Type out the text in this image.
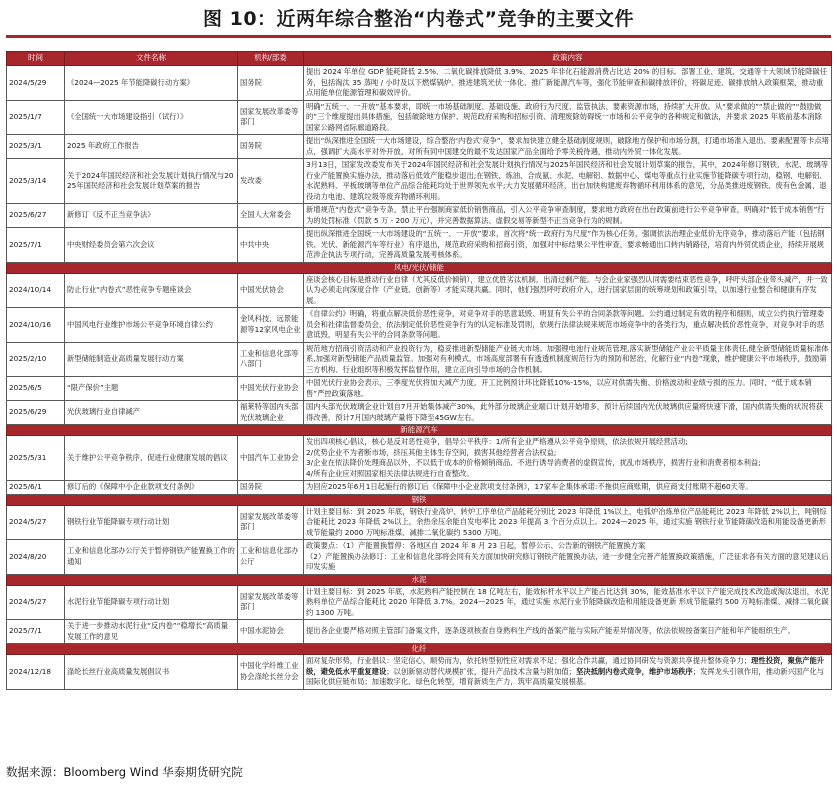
图 10：近两年综合整治“内卷式”竞争的主要文件
时间	文件名称	机构/部委	政策内容
2024/5/29	《2024—2025 年节能降碳行动方案》	国务院	提出 2024 年单位 GDP 能耗降低 2.5%、二氧化碳排放降低 3.9%、2025 年非化石能源消费占比达 20% 的目标。部署工业、建筑、交通等十大领域节能降碳任务，包括淘汰 35 蒸吨 / 小时及以下燃煤锅炉、推进建筑光伏一体化、推广新能源汽车等，强化节能审查和碳排放评价，将碳足迹、碳排放纳入政策框架，推动重点用能单位能源管理和碳效评价。
2025/1/7	《全国统一大市场建设指引（试行）》	国家发展改革委等部门	明确“五统一、一开放”基本要求，即统一市场基础制度、基础设施、政府行为尺度、监管执法、要素资源市场，持续扩大开放。从“要求做的”“禁止做的”“鼓励做的”三个维度提出具体措施，包括破除地方保护、规范政府采购和招标引资、清理废除妨碍统一市场和公平竞争的各种规定和做法，并要求 2025 年底前基本消除国家公路网省际廊道路段。
2025/3/1	2025 年政府工作报告	国务院	提出“纵深推进全国统一大市场建设，综合整治‘内卷式’竞争”，要求加快建立健全基础制度规则，破除地方保护和市场分割，打通市场准入退出、要素配置等卡点堵点，强调扩大高水平对外开放，对所有同中国建交的最不发达国家产品全面给予零关税待遇，推动内外贸一体化发展。
2025/3/14	关于2024年国民经济和社会发展计划执行情况与2025年国民经济和社会发展计划草案的报告	发改委	3月13日，国家发改委发布关于2024年国民经济和社会发展计划执行情况与2025年国民经济和社会发展计划草案的报告，其中，2024年修订钢铁、水泥、玻璃等行业产能置换实施办法，推动落后低效产能稳步退出;在钢铁、炼油、合成氨、水泥、电解铝、数据中心、煤电等重点行业实施节能降碳专项行动，稳钢、电解铝、水泥熟料、平板玻璃等单位产品综合能耗均处于世界领先水平;大力发展循环经济，出台加快构建废弃物循环利用体系的意见，分品类推进废钢铁、废有色金属、退役动力电池、建筑垃圾等废弃物循环利用。
2025/6/27	新修订《反不正当竞争法》	全国人大常委会	新增规范“内卷式”竞争专条，禁止平台强制商家低价销售商品，引入公平竞争审查制度，要求地方政府在出台政策前进行公平竞争审查，明确对“低于成本销售”行为的处罚标准（罚款 5 万 - 200 万元），并完善数据算法、虚假交易等新型不正当竞争行为的规制。
2025/7/1	中央财经委员会第六次会议	中共中央	提出纵深推进全国统一大市场建设的“五统一、一开放”要求，首次将“统一政府行为尺度”作为核心任务，强调依法治理企业低价无序竞争，推动落后产能（包括钢铁、光伏、新能源汽车等行业）有序退出，规范政府采购和招商引资，加强对中标结果公平性审查，要求畅通出口转内销路径，培育内外贸优质企业，持续开展规范涉企执法专项行动，完善高质量发展考核体系。
风电/光伏/储能			
2024/10/14	防止行业“内卷式”恶性竞争专题座谈会	中国光伏协会	座谈会核心目标是推动行业自律（尤其反低价倾销），建立优胜劣汰机制，出清过剩产能。与会企业家强烈认同需要结束恶性竞争，呼吁头部企业带头减产，并一致认为必须走向深度合作（产业链、创新等）才能实现共赢。同时，他们强烈呼吁政府介入，进行国家层面的统筹规划和政策引导，以加速行业整合和健康有序发展。
2024/10/16	中国风电行业维护市场公平竞争环境自律公约	金风科技、远景能源等12家风电企业	《自律公约》明确，将重点解决低价恶性竞争，对竞争对手的恶意诋毁、明显有失公平的合同条款等问题。公约通过制定有效的程序和细则，成立公约执行管理委员会和社律监督委员会，依法制定低价恶性竞争行为的认定标准及罚则，依规行法律法规来规范市场竞争中的各类行为，重点解决低价恶性竞争，对竞争对手的恶意诋毁，明显有失公平的合同条款等问题。
2025/2/10	新型储能制造业高质量发展行动方案	工业和信息化部等八部门	规范地方招商引资活动和产业投资行为，稳妥推进新型储能产业链大市场。加强锂电池行业规范管理,落实新型储能产业公平质量主体责任,健全新型储能质量标准体系,加强对新型储能产品质量监管。加强对有利模式，市场高度部署有有透透机制度规范行为的预防和惩治，化解行业“内卷”现象，维护健康公平市场秩序，鼓励第三方机构、行业组织等积极发挥监督作用，建立正向引导市场的合作机制。
2025/6/5	“限产保价”主题	中国光伏行业协会	中国光伏行业协会表示，三季度光伏将加大减产力度，开工比例预计环比降低10%-15%，以应对供需失衡、价格波动和业绩亏损的压力。同时，“低于成本销售”严控政策落地。
2025/6/29	光伏玻璃行业自律减产	福莱特等国内头部光伏玻璃企业	国内头部光伏玻璃企业计划自7月开始集体减产30%，此外部分玻璃企业端口计划开始增多，预计后续国内光伏玻璃供应量将快速下滑，国内供需失衡的状况将获得改善，预计7月国内玻璃产量将下降至45GW左右。
新能源汽车			
2025/5/31	关于维护公平竞争秩序，促进行业健康发展的倡议	中国汽车工业协会	发出四项核心倡议，核心是反对恶性竞争，倡导公平秩序：1/所有企业严格遵从公平竞争原则，依法依规开展经营活动;
2/优势企业不为者断市场，挤压其他主体生存空间，损害其他经营者合法权益;
3/企业在依法降价处理商品以外，不以低于成本的价格倾销商品、不进行诱导消费者的虚假宣传，扰乱市场秩序，损害行业和消费者根本利益;
4/所有企业应对照国家相关法律法规进行自查整改。
2025/6/1	修订后的《保障中小企业款项支付条例》	国务院	为回应2025年6月1日起施行的修订后《保障中小企业款项支付条例》，17家车企集体承诺:不拖供应商账期，供应商支付账期不超60天等。
钢铁			
2024/5/27	钢铁行业节能降碳专项行动计划	国家发展改革委等部门	计划主要目标：到 2025 年底，钢铁行业高炉、转炉工序单位产品能耗分别比 2023 年降低 1%以上，电弧炉冶炼单位产品能耗比 2023 年降低 2%以上，吨钢综合能耗比 2023 年降低 2%以上，余热余压余能自发电率比 2023 年提高 3 个百分点以上。2024—2025 年，通过实施 钢铁行业节能降碳改造和用能设备更新形成节能量约 2000 万吨标准煤、减排二氧化碳约 5300 万吨。
2024/8/20	工业和信息化部办公厅关于暂停钢铁产能置换工作的通知	工业和信息化部办公厅	政策要点：（1）产能置换暂停：各地区自 2024 年 8 月 23 日起，暂停公示、公告新的钢铁产能置换方案
（2）产能置换办法修订：工业和信息化部将会同有关方面加快研究修订钢铁产能置换办法，进一步健全完善产能置换政策措施，广泛征求各有关方面的意见建议后印发实施
水泥			
2024/5/27	水泥行业节能降碳专项行动计划	国家发展改革委等部门	计划主要目标：到 2025 年底，水泥熟料产能控制在 18 亿吨左右，能效标杆水平以上产能占比达到 30%，能效基准水平以下产能完成技术改造或淘汰退出，水泥熟料单位产品综合能耗比 2020 年降低 3.7%。2024—2025 年，通过实施 水泥行业节能降碳改造和用能设备更新 形成节能量约 500 万吨标准煤、减排二氧化碳约 1300 万吨。
2025/7/1	关于进一步推动水泥行业“反内卷”“稳增长”高质量发展工作的意见	中国水泥协会	提出各企业要严格对照主管部门备案文件，逐条逐项核查自身熟料生产线的备案产能与实际产能差异情况等，依法依规按备案日产能和年产能组织生产。
化纤			
2024/12/18	涤纶长丝行业高质量发展倡议书	中国化学纤维工业协会涤纶长丝分会	面对复杂形势，行业倡议：坚定信心，顺势而为，依托转型韧性应对需求不足；强化合作共赢，通过协同研发与资源共享提升整体竞争力；理性投资，聚焦产能升级，避免低水平重复建设；以创新驱动替代规模扩张，提升产品技术含量与附加值；坚决抵制内卷式竞争，维护市场秩序；发挥龙头引领作用，推动新兴国产化与国际化供应链布局；加速数字化、绿色化转型，增育新质生产力，筑牢高质量发展根基。
数据来源：Bloomberg Wind 华泰期货研究院
